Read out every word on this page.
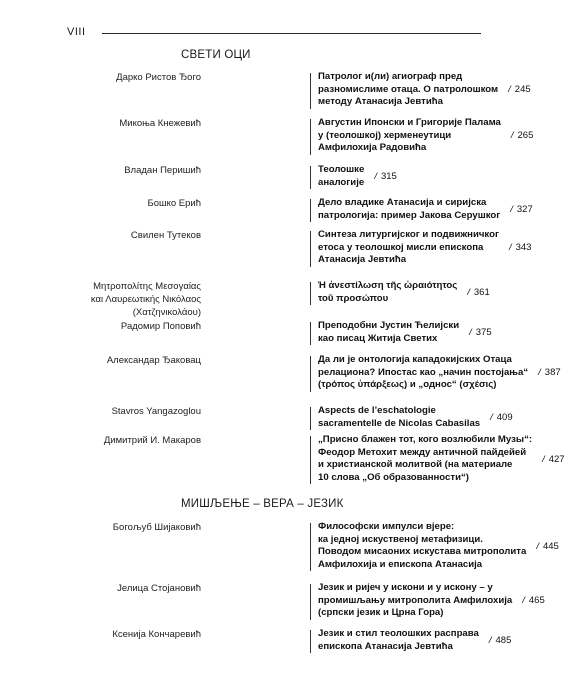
VIII
СВЕТИ ОЦИ
МИШЉЕЊЕ – ВЕРА – ЈЕЗИК
Дарко Ристов Ђого	Патролог и(ли) агиограф пред
разномислиме отаца. О патролошком
методу Атанасија Јевтића
/ 245
Микоња Кнежевић	Августин Ипонски и Григорије Палама
у (теолошкој) херменеутици
Амфилохија Радовића
/ 265
Владан Перишић	Теолошке
аналогије / 315
Бошко Ерић	Дело владике Атанасија и сиријска
патрологија: пример Јакова Серушког / 327
Свилен Тутеков	Синтеза литургијског и подвижничког
етоса у теолошкој мисли епископа
Атанасија Јевтића
/ 343
Μητροπολίτης Μεσογαίας
και Λαυρεωτικής Νικόλαος
(Χατζηνικολάου)
Ἡ ἀνεστίλωση τῆς ὡραιότητος
τοῦ προσώπου	/ 361
Радомир Поповић	Преподобни Јустин Ћелијски
као писац Житија Светих	/ 375
Александар Ђаковац	Да ли је онтологија кападокијских Отаца
релациона? Ипостас као „начин постојања“
(τρόπος ὑπάρξεως) и „однос“ (σχέσις)
/ 387
Stavros Yangazoglou	Aspects de l’eschatologie
sacramentelle de Nicolas Cabasilas / 409
Димитрий И. Макаров	„Присно блажен тот, кого возлюбили Музы“:
Феодор Метохит между античной пайдейей
и христианской молитвой (на материале
10 слова „Об образованности“)
/ 427
Богољуб Шијаковић	Философски импулси вјере:
ка једној искуственој метафизици.
Поводом мисаоних искустава митрополита
Амфилохија и епископа Атанасија
/ 445
Јелица Стојановић	Језик и ријеч у искони и у искону – у
промишљању митрополита Амфилохија
(српски језик и Црна Гора)
/ 465
Ксенија Кончаревић	Језик и стил теолошких расправа
епископа Атанасија Јевтића	/ 485
